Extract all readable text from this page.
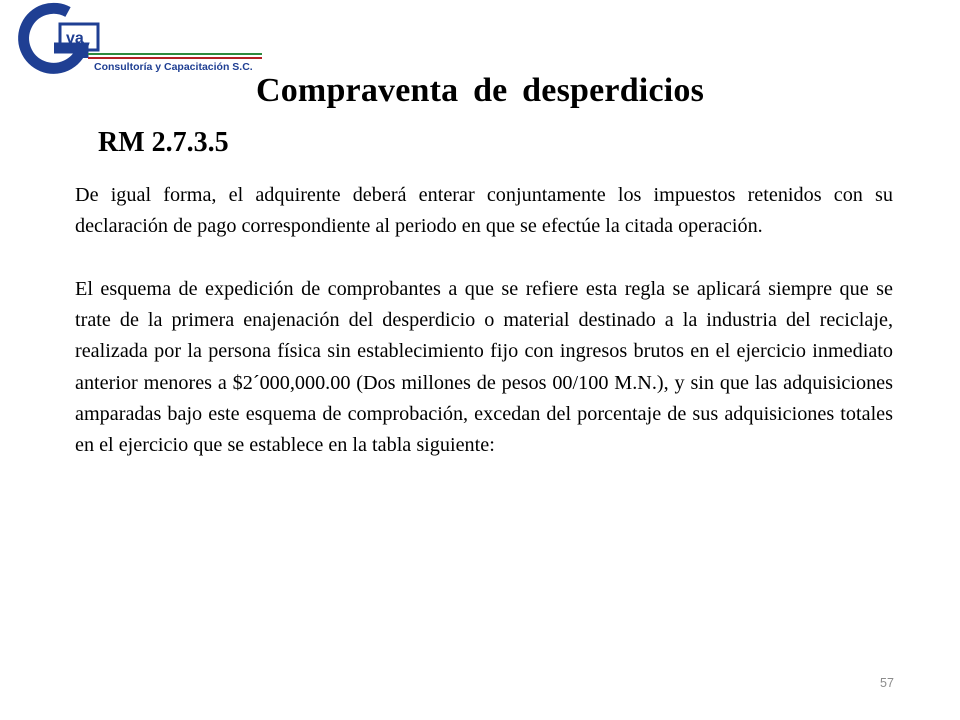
va
Consultoría y Capacitación S.C.
Compraventa de desperdicios
RM 2.7.3.5

De igual forma, el adquirente deberá enterar conjuntamente los impuestos retenidos con su declaración de pago correspondiente al periodo en que se efectúe la citada operación.

El esquema de expedición de comprobantes a que se refiere esta regla se aplicará siempre que se trate de la primera enajenación del desperdicio o material destinado a la industria del reciclaje, realizada por la persona física sin establecimiento fijo con ingresos brutos en el ejercicio inmediato anterior menores a $2´000,000.00 (Dos millones de pesos 00/100 M.N.), y sin que las adquisiciones amparadas bajo este esquema de comprobación, excedan del porcentaje de sus adquisiciones totales en el ejercicio que se establece en la tabla siguiente:

57
